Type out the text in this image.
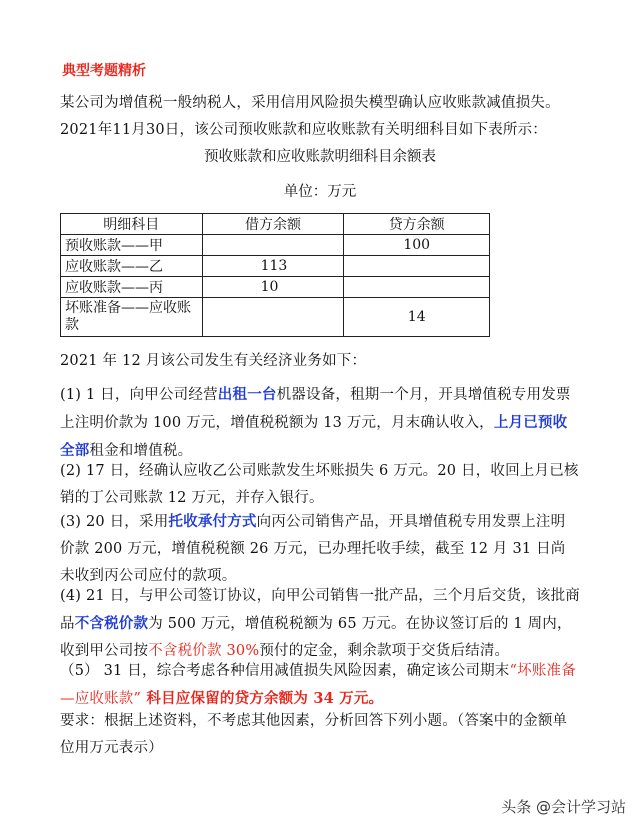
典型考题精析
某公司为增值税一般纳税人，采用信用风险损失模型确认应收账款减值损失。2021年11月30日，该公司预收账款和应收账款有关明细科目如下表所示：
预收账款和应收账款明细科目余额表
单位：万元
明细科目	借方余额	贷方余额
预收账款——甲		100
应收账款——乙	113	
应收账款——丙	10	
坏账准备——应收账款		14
2021 年 12 月该公司发生有关经济业务如下：
(1) 1 日，向甲公司经营出租一台机器设备，租期一个月，开具增值税专用发票上注明价款为 100 万元，增值税税额为 13 万元，月末确认收入，上月已预收全部租金和增值税。
(2) 17 日，经确认应收乙公司账款发生坏账损失 6 万元。20 日，收回上月已核销的丁公司账款 12 万元，并存入银行。
(3) 20 日，采用托收承付方式向丙公司销售产品，开具增值税专用发票上注明价款 200 万元，增值税税额 26 万元，已办理托收手续，截至 12 月 31 日尚未收到丙公司应付的款项。
(4) 21 日，与甲公司签订协议，向甲公司销售一批产品，三个月后交货，该批商品不含税价款为 500 万元，增值税税额为 65 万元。在协议签订后的 1 周内，收到甲公司按不含税价款 30%预付的定金，剩余款项于交货后结清。
（5） 31 日，综合考虑各种信用减值损失风险因素，确定该公司期末“坏账准备—应收账款” 科目应保留的贷方余额为 34 万元。
要求：根据上述资料，不考虑其他因素，分析回答下列小题。（答案中的金额单位用万元表示）
头条 @会计学习站
